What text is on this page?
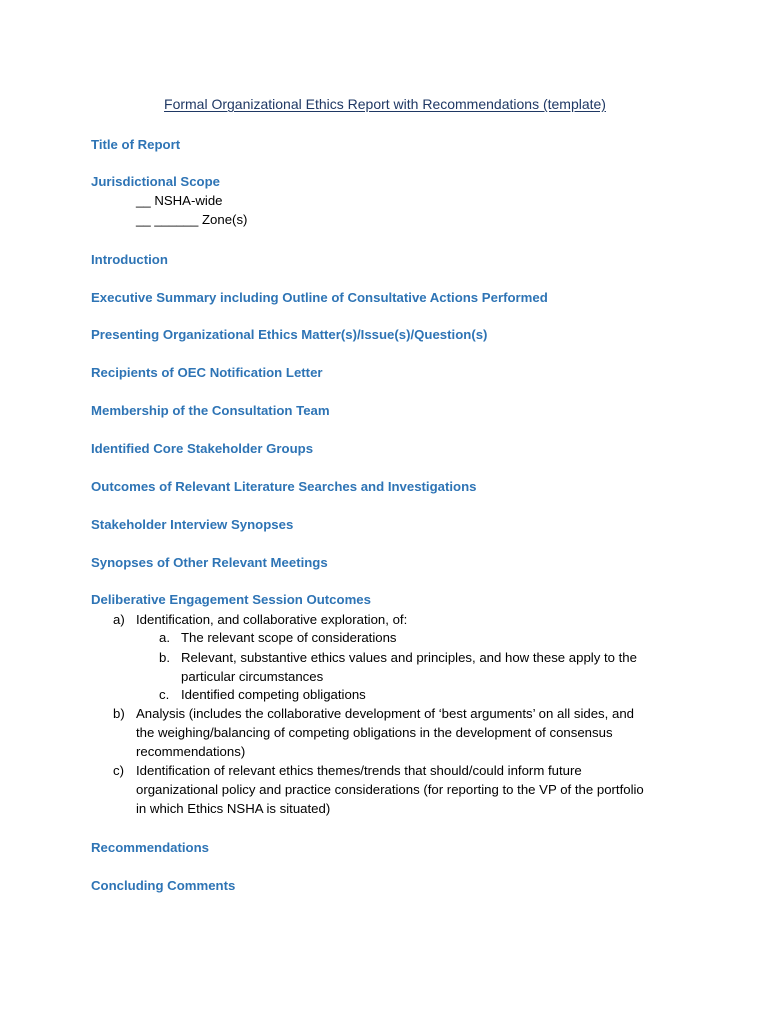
Formal Organizational Ethics Report with Recommendations (template)
Title of Report
Jurisdictional Scope
__ NSHA-wide
__ ______ Zone(s)
Introduction
Executive Summary including Outline of Consultative Actions Performed
Presenting Organizational Ethics Matter(s)/Issue(s)/Question(s)
Recipients of OEC Notification Letter
Membership of the Consultation Team
Identified Core Stakeholder Groups
Outcomes of Relevant Literature Searches and Investigations
Stakeholder Interview Synopses
Synopses of Other Relevant Meetings
Deliberative Engagement Session Outcomes
a) Identification, and collaborative exploration, of:
a. The relevant scope of considerations
b. Relevant, substantive ethics values and principles, and how these apply to the
particular circumstances
c. Identified competing obligations
b) Analysis (includes the collaborative development of ‘best arguments’ on all sides, and
the weighing/balancing of competing obligations in the development of consensus
recommendations)
c) Identification of relevant ethics themes/trends that should/could inform future
organizational policy and practice considerations (for reporting to the VP of the portfolio
in which Ethics NSHA is situated)
Recommendations
Concluding Comments
